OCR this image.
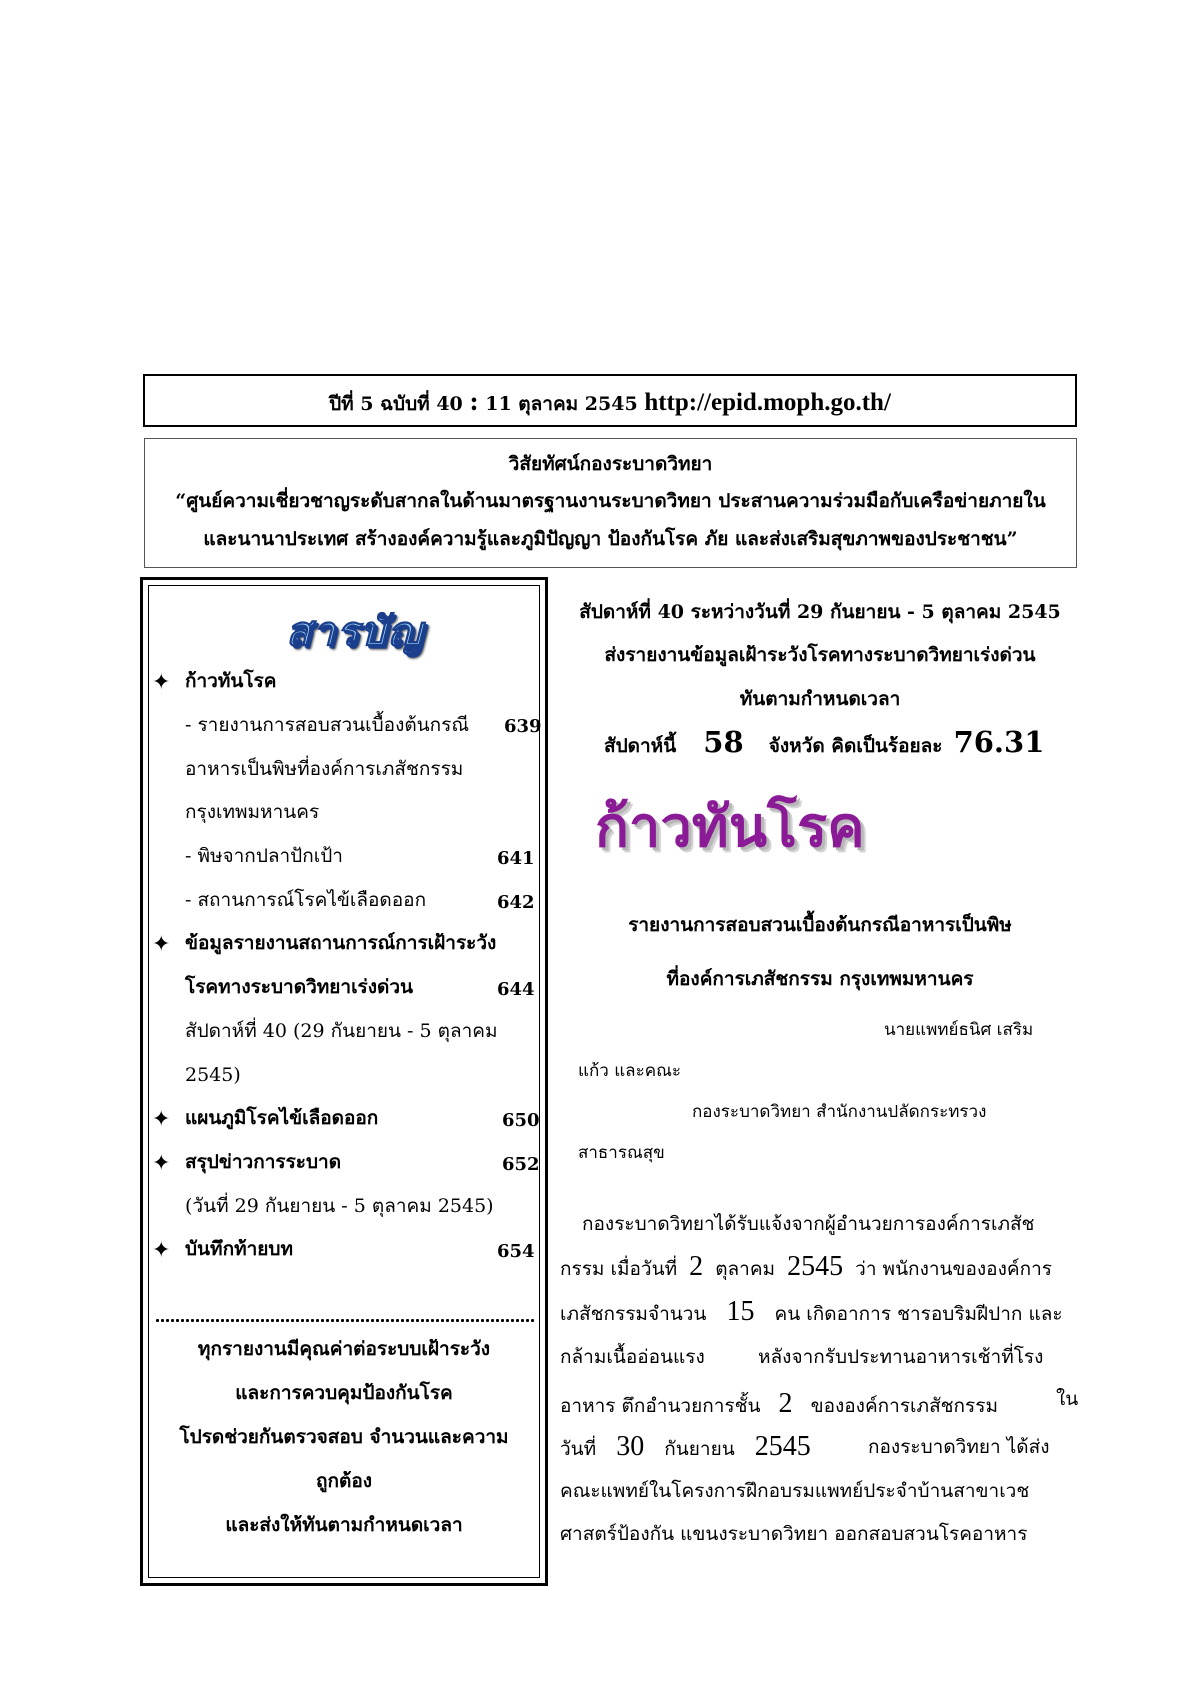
ปีที่ 5 ฉบับที่ 40 : 11 ตุลาคม 2545 http://epid.moph.go.th/
วิสัยทัศน์กองระบาดวิทยา
“ศูนย์ความเชี่ยวชาญระดับสากลในด้านมาตรฐานงานระบาดวิทยา ประสานความร่วมมือกับเครือข่ายภายใน
และนานาประเทศ สร้างองค์ความรู้และภูมิปัญญา ป้องกันโรค ภัย และส่งเสริมสุขภาพของประชาชน”
สารบัญ
✦ ก้าวทันโรค
- รายงานการสอบสวนเบื้องต้นกรณี 639
อาหารเป็นพิษที่องค์การเภสัชกรรม
กรุงเทพมหานคร
- พิษจากปลาปักเป้า	641
- สถานการณ์โรคไข้เลือดออก	642
✦ ข้อมูลรายงานสถานการณ์การเฝ้าระวัง
โรคทางระบาดวิทยาเร่งด่วน	644
สัปดาห์ที่ 40 (29 กันยายน - 5 ตุลาคม
2545)
✦ แผนภูมิโรคไข้เลือดออก	650
✦ สรุปข่าวการระบาด	652
(วันที่ 29 กันยายน - 5 ตุลาคม 2545)
✦ บันทึกท้ายบท	654
ทุกรายงานมีคุณค่าต่อระบบเฝ้าระวัง
และการควบคุมป้องกันโรค
โปรดช่วยกันตรวจสอบ จำนวนและความ
ถูกต้อง
และส่งให้ทันตามกำหนดเวลา
สัปดาห์ที่ 40 ระหว่างวันที่ 29 กันยายน - 5 ตุลาคม 2545
ส่งรายงานข้อมูลเฝ้าระวังโรคทางระบาดวิทยาเร่งด่วน
ทันตามกำหนดเวลา
สัปดาห์นี้ 58 จังหวัด คิดเป็นร้อยละ 76.31
ก้าวทันโรค
รายงานการสอบสวนเบื้องต้นกรณีอาหารเป็นพิษ
ที่องค์การเภสัชกรรม กรุงเทพมหานคร
นายแพทย์ธนิศ เสริม
แก้ว และคณะ
กองระบาดวิทยา สำนักงานปลัดกระทรวง
สาธารณสุข
กองระบาดวิทยาได้รับแจ้งจากผู้อำนวยการองค์การเภสัช
กรรม เมื่อวันที่ 2 ตุลาคม 2545 ว่า พนักงานขององค์การ
เภสัชกรรมจำนวน 15 คน เกิดอาการ ชารอบริมฝีปาก และ
กล้ามเนื้ออ่อนแรง	หลังจากรับประทานอาหารเช้าที่โรง
อาหาร ตึกอำนวยการชั้น 2 ขององค์การเภสัชกรรม	ใน
วันที่ 30 กันยายน 2545	กองระบาดวิทยา ได้ส่ง
คณะแพทย์ในโครงการฝึกอบรมแพทย์ประจำบ้านสาขาเวช
ศาสตร์ป้องกัน แขนงระบาดวิทยา ออกสอบสวนโรคอาหาร
